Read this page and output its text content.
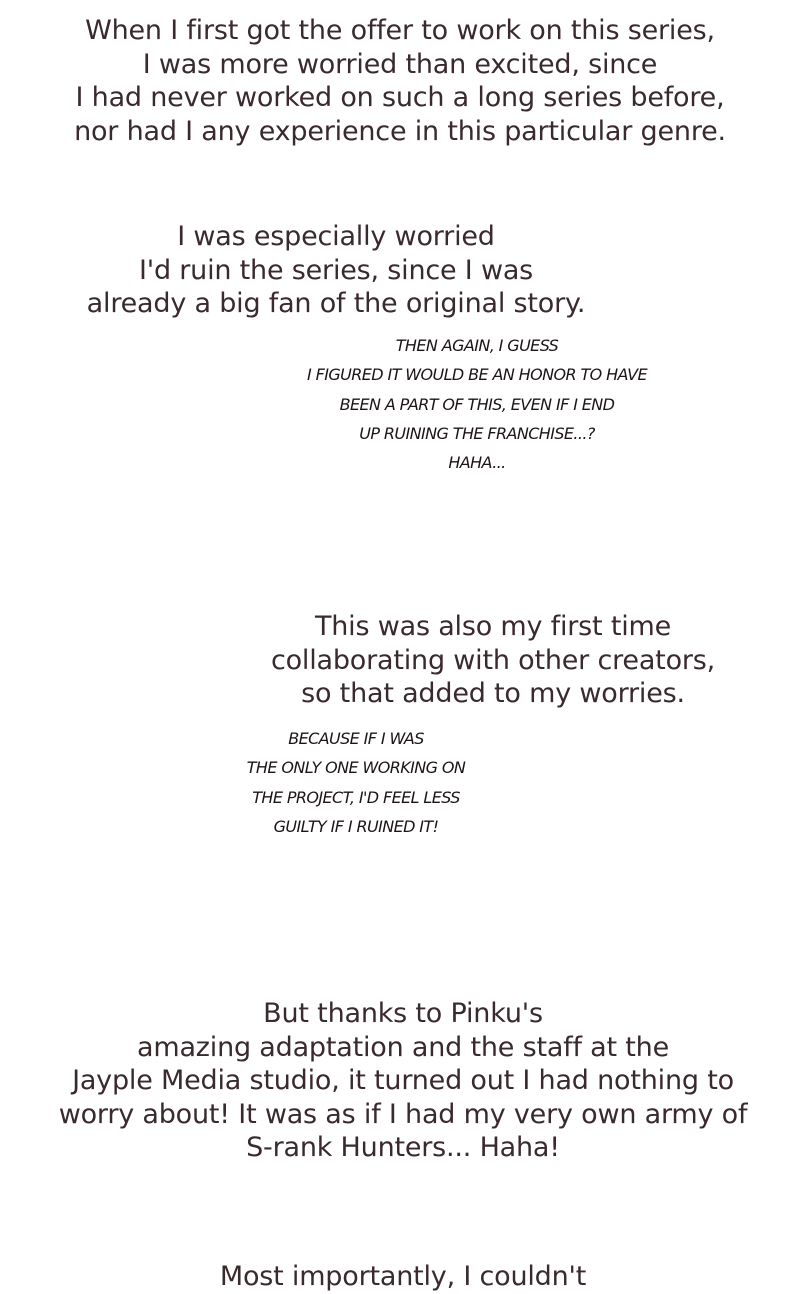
When I first got the offer to work on this series,
I was more worried than excited, since
I had never worked on such a long series before,
nor had I any experience in this particular genre.
I was especially worried
I'd ruin the series, since I was
already a big fan of the original story.
THEN AGAIN, I GUESS
I FIGURED IT WOULD BE AN HONOR TO HAVE
BEEN A PART OF THIS, EVEN IF I END
UP RUINING THE FRANCHISE...?
HAHA...
This was also my first time
collaborating with other creators,
so that added to my worries.
BECAUSE IF I WAS
THE ONLY ONE WORKING ON
THE PROJECT, I'D FEEL LESS
GUILTY IF I RUINED IT!
But thanks to Pinku's
amazing adaptation and the staff at the
Jayple Media studio, it turned out I had nothing to
worry about! It was as if I had my very own army of
S-rank Hunters... Haha!
Most importantly, I couldn't
